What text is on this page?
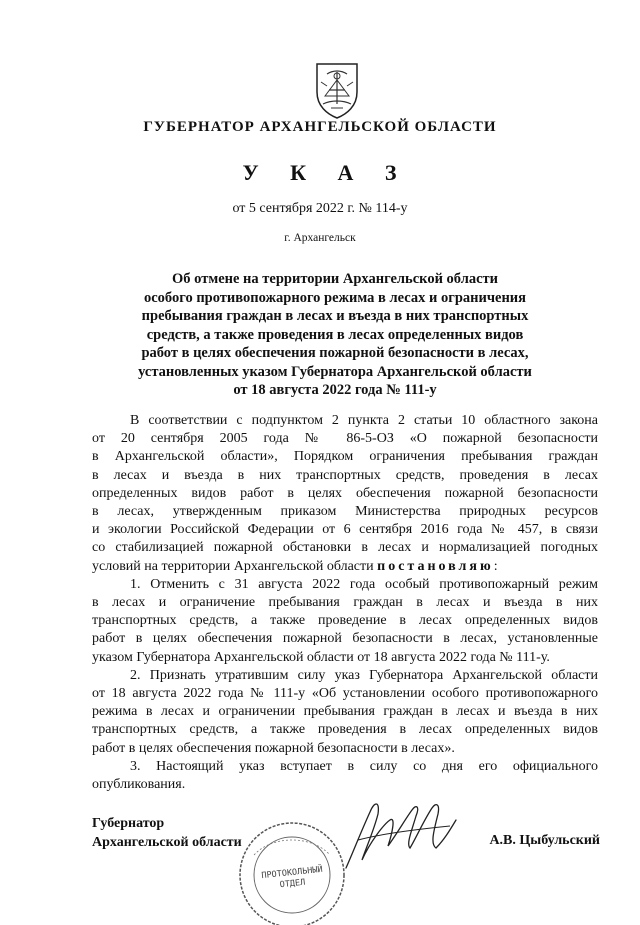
ГУБЕРНАТОР АРХАНГЕЛЬСКОЙ ОБЛАСТИ
У К А З
от 5 сентября 2022 г. № 114-у
г. Архангельск
Об отмене на территории Архангельской области
особого противопожарного режима в лесах и ограничения
пребывания граждан в лесах и въезда в них транспортных
средств, а также проведения в лесах определенных видов
работ в целях обеспечения пожарной безопасности в лесах,
установленных указом Губернатора Архангельской области
от 18 августа 2022 года № 111-у
В соответствии с подпунктом 2 пункта 2 статьи 10 областного закона
от 20 сентября 2005 года № 86-5-ОЗ «О пожарной безопасности
в Архангельской области», Порядком ограничения пребывания граждан
в лесах и въезда в них транспортных средств, проведения в лесах
определенных видов работ в целях обеспечения пожарной безопасности
в лесах, утвержденным приказом Министерства природных ресурсов
и экологии Российской Федерации от 6 сентября 2016 года № 457, в связи
со стабилизацией пожарной обстановки в лесах и нормализацией погодных
условий на территории Архангельской области постановляю:
1. Отменить с 31 августа 2022 года особый противопожарный режим
в лесах и ограничение пребывания граждан в лесах и въезда в них
транспортных средств, а также проведение в лесах определенных видов
работ в целях обеспечения пожарной безопасности в лесах, установленные
указом Губернатора Архангельской области от 18 августа 2022 года № 111-у.
2. Признать утратившим силу указ Губернатора Архангельской области
от 18 августа 2022 года № 111-у «Об установлении особого противопожарного
режима в лесах и ограничении пребывания граждан в лесах и въезда в них
транспортных средств, а также проведения в лесах определенных видов
работ в целях обеспечения пожарной безопасности в лесах».
3. Настоящий указ вступает в силу со дня его официального
опубликования.
ПРОТОКОЛЬНЫЙ ОТДЕЛ
Губернатор
Архангельской области	А.В. Цыбульский
